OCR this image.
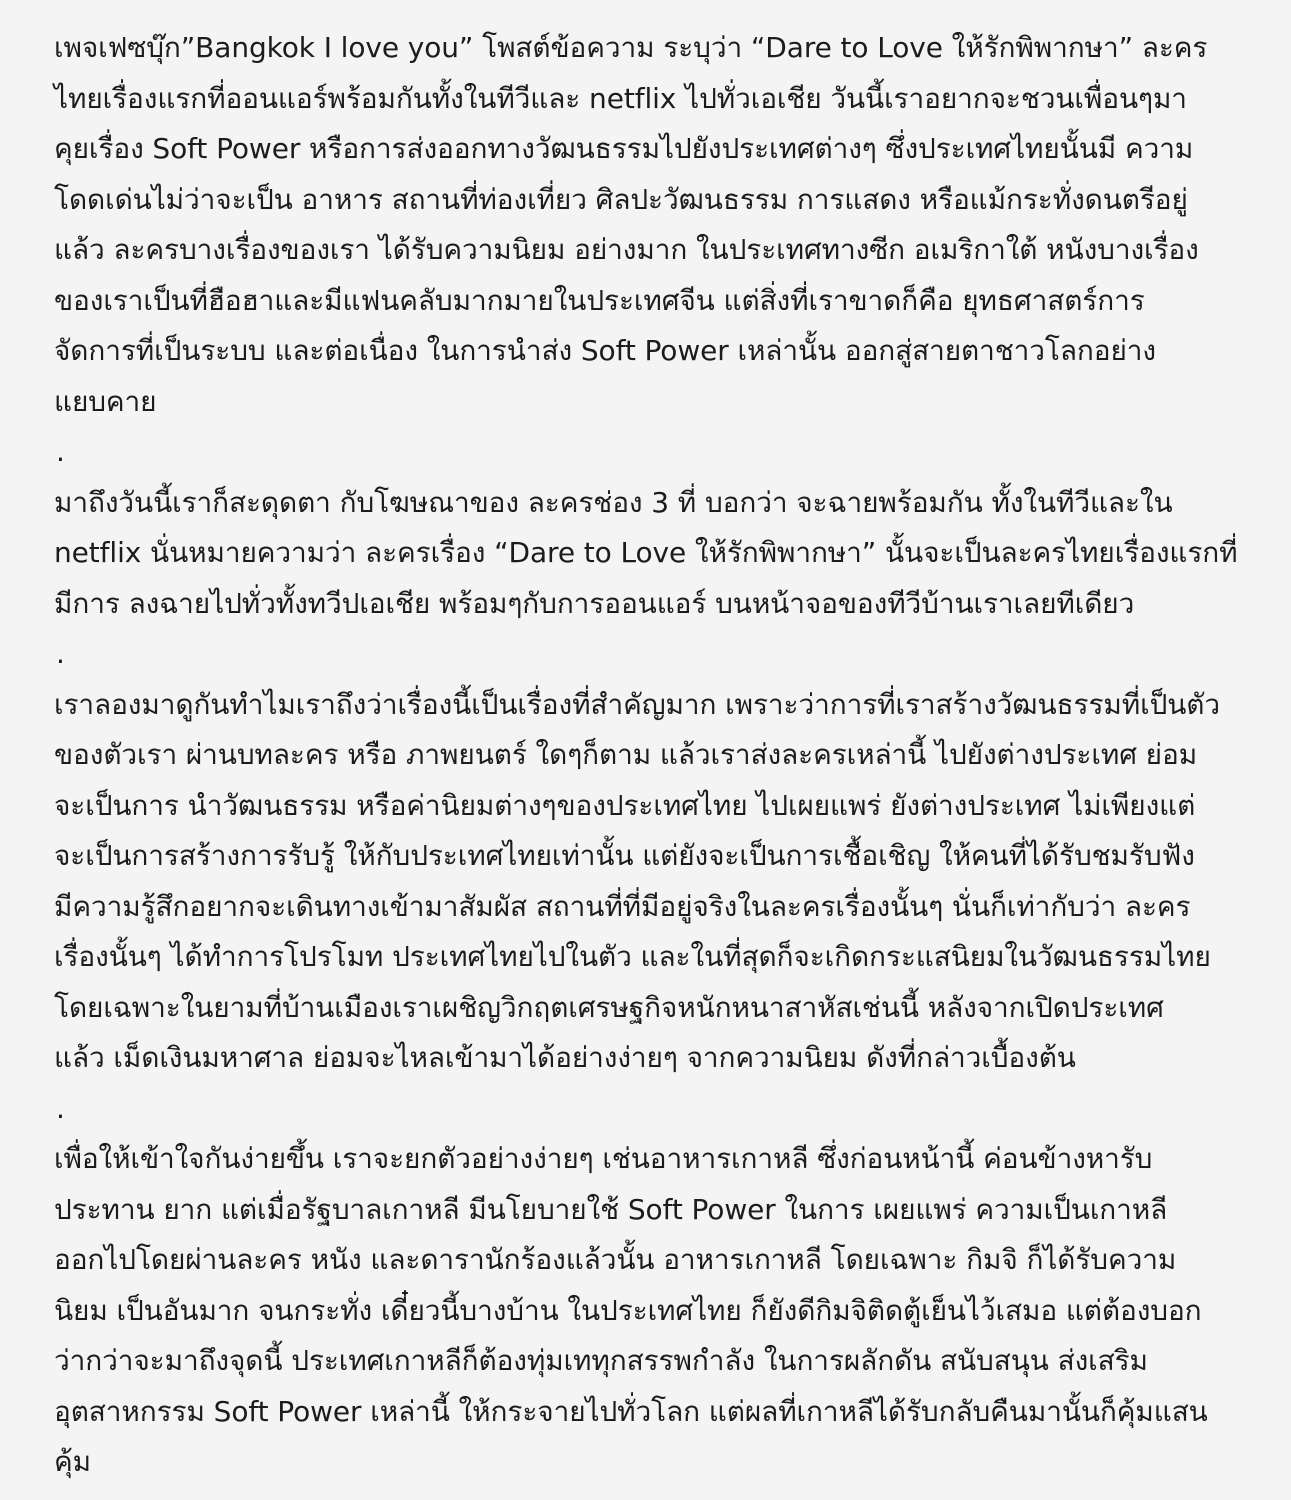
เพจเฟซบุ๊ก”Bangkok I love you” โพสต์ข้อความ ระบุว่า “Dare to Love ให้รักพิพากษา” ละคร
ไทยเรื่องแรกที่ออนแอร์พร้อมกันทั้งในทีวีและ netflix ไปทั่วเอเชีย วันนี้เราอยากจะชวนเพื่อนๆมา
คุยเรื่อง Soft Power หรือการส่งออกทางวัฒนธรรมไปยังประเทศต่างๆ ซึ่งประเทศไทยนั้นมี ความ
โดดเด่นไม่ว่าจะเป็น อาหาร สถานที่ท่องเที่ยว ศิลปะวัฒนธรรม การแสดง หรือแม้กระทั่งดนตรีอยู่
แล้ว ละครบางเรื่องของเรา ได้รับความนิยม อย่างมาก ในประเทศทางซีก อเมริกาใต้ หนังบางเรื่อง
ของเราเป็นที่ฮือฮาและมีแฟนคลับมากมายในประเทศจีน แต่สิ่งที่เราขาดก็คือ ยุทธศาสตร์การ
จัดการที่เป็นระบบ และต่อเนื่อง ในการนำส่ง Soft Power เหล่านั้น ออกสู่สายตาชาวโลกอย่าง
แยบคาย
.
มาถึงวันนี้เราก็สะดุดตา กับโฆษณาของ ละครช่อง 3 ที่ บอกว่า จะฉายพร้อมกัน ทั้งในทีวีและใน
netflix นั่นหมายความว่า ละครเรื่อง “Dare to Love ให้รักพิพากษา” นั้นจะเป็นละครไทยเรื่องแรกที่
มีการ ลงฉายไปทั่วทั้งทวีปเอเชีย พร้อมๆกับการออนแอร์ บนหน้าจอของทีวีบ้านเราเลยทีเดียว
.
เราลองมาดูกันทำไมเราถึงว่าเรื่องนี้เป็นเรื่องที่สำคัญมาก เพราะว่าการที่เราสร้างวัฒนธรรมที่เป็นตัว
ของตัวเรา ผ่านบทละคร หรือ ภาพยนตร์ ใดๆก็ตาม แล้วเราส่งละครเหล่านี้ ไปยังต่างประเทศ ย่อม
จะเป็นการ นำวัฒนธรรม หรือค่านิยมต่างๆของประเทศไทย ไปเผยแพร่ ยังต่างประเทศ ไม่เพียงแต่
จะเป็นการสร้างการรับรู้ ให้กับประเทศไทยเท่านั้น แต่ยังจะเป็นการเชื้อเชิญ ให้คนที่ได้รับชมรับฟัง
มีความรู้สึกอยากจะเดินทางเข้ามาสัมผัส สถานที่ที่มีอยู่จริงในละครเรื่องนั้นๆ นั่นก็เท่ากับว่า ละคร
เรื่องนั้นๆ ได้ทำการโปรโมท ประเทศไทยไปในตัว และในที่สุดก็จะเกิดกระแสนิยมในวัฒนธรรมไทย
โดยเฉพาะในยามที่บ้านเมืองเราเผชิญวิกฤตเศรษฐกิจหนักหนาสาหัสเช่นนี้ หลังจากเปิดประเทศ
แล้ว เม็ดเงินมหาศาล ย่อมจะไหลเข้ามาได้อย่างง่ายๆ จากความนิยม ดังที่กล่าวเบื้องต้น
.
เพื่อให้เข้าใจกันง่ายขึ้น เราจะยกตัวอย่างง่ายๆ เช่นอาหารเกาหลี ซึ่งก่อนหน้านี้ ค่อนข้างหารับ
ประทาน ยาก แต่เมื่อรัฐบาลเกาหลี มีนโยบายใช้ Soft Power ในการ เผยแพร่ ความเป็นเกาหลี
ออกไปโดยผ่านละคร หนัง และดารานักร้องแล้วนั้น อาหารเกาหลี โดยเฉพาะ กิมจิ ก็ได้รับความ
นิยม เป็นอันมาก จนกระทั่ง เดี๋ยวนี้บางบ้าน ในประเทศไทย ก็ยังดีกิมจิติดตู้เย็นไว้เสมอ แต่ต้องบอก
ว่ากว่าจะมาถึงจุดนี้ ประเทศเกาหลีก็ต้องทุ่มเททุกสรรพกำลัง ในการผลักดัน สนับสนุน ส่งเสริม
อุตสาหกรรม Soft Power เหล่านี้ ให้กระจายไปทั่วโลก แต่ผลที่เกาหลีได้รับกลับคืนมานั้นก็คุ้มแสน
คุ้ม
